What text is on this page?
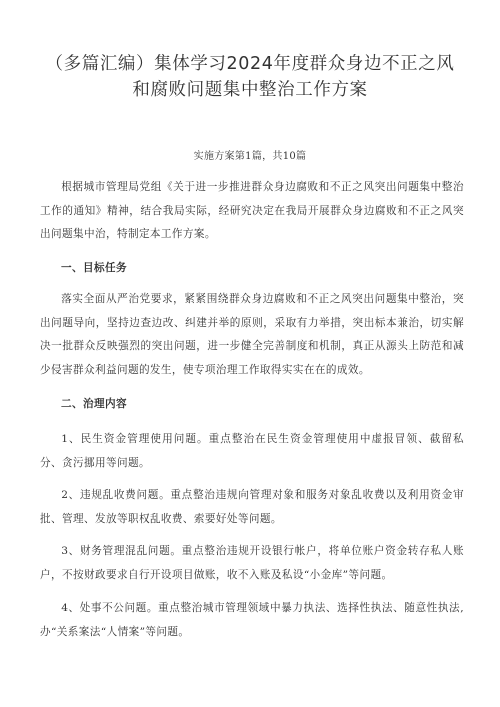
（多篇汇编）集体学习2024年度群众身边不正之风
和腐败问题集中整治工作方案
实施方案第1篇，共10篇

根据城市管理局党组《关于进一步推进群众身边腐败和不正之风突出问题集中整治工作的通知》精神，结合我局实际，经研究决定在我局开展群众身边腐败和不正之风突出问题集中治，特制定本工作方案。

一、目标任务

落实全面从严治党要求，紧紧围绕群众身边腐败和不正之风突出问题集中整治，突出问题导向，坚持边查边改、纠建并举的原则，采取有力举措，突出标本兼治，切实解决一批群众反映强烈的突出问题，进一步健全完善制度和机制，真正从源头上防范和减少侵害群众利益问题的发生，使专项治理工作取得实实在在的成效。

二、治理内容

1、民生资金管理使用问题。重点整治在民生资金管理使用中虚报冒领、截留私分、贪污挪用等问题。

2、违规乱收费问题。重点整治违规向管理对象和服务对象乱收费以及利用资金审批、管理、发放等职权乱收费、索要好处等问题。

3、财务管理混乱问题。重点整治违规开设银行帐户，将单位账户资金转存私人账户，不按财政要求自行开设项目做账，收不入账及私设“小金库”等问题。

4、处事不公问题。重点整治城市管理领域中暴力执法、选择性执法、随意性执法,办“关系案法“人情案”等问题。
